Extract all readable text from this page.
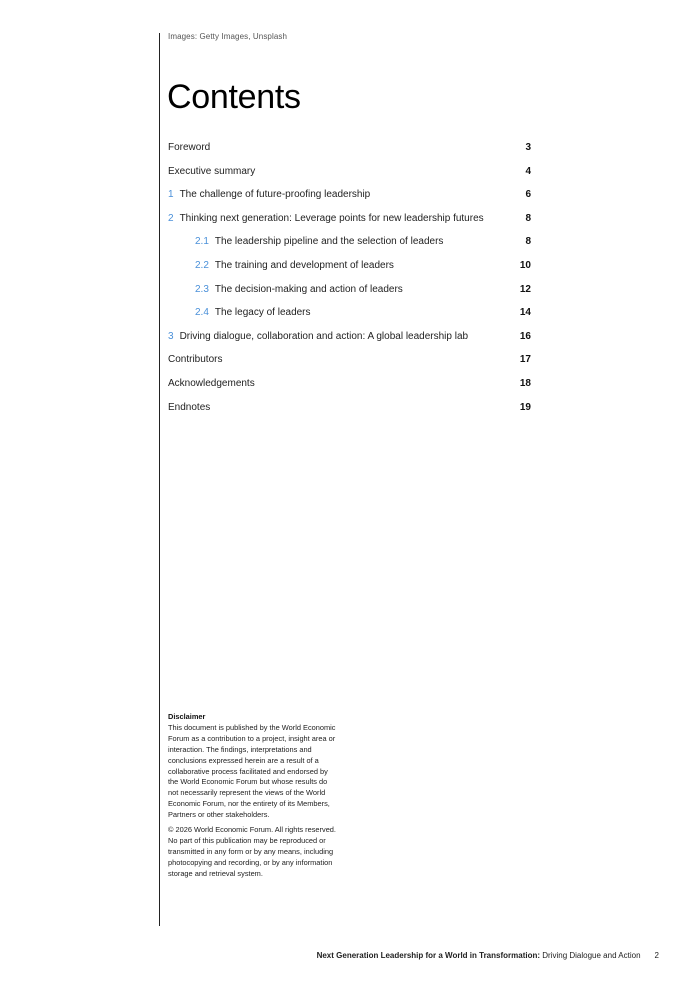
Images: Getty Images, Unsplash
Contents
Foreword	3
Executive summary	4
1 The challenge of future-proofing leadership	6
2 Thinking next generation: Leverage points for new leadership futures	8
2.1 The leadership pipeline and the selection of leaders	8
2.2 The training and development of leaders	10
2.3 The decision-making and action of leaders	12
2.4 The legacy of leaders	14
3 Driving dialogue, collaboration and action: A global leadership lab	16
Contributors	17
Acknowledgements	18
Endnotes	19
Disclaimer

This document is published by the World Economic Forum as a contribution to a project, insight area or interaction. The findings, interpretations and conclusions expressed herein are a result of a collaborative process facilitated and endorsed by the World Economic Forum but whose results do not necessarily represent the views of the World Economic Forum, nor the entirety of its Members, Partners or other stakeholders.

© 2026 World Economic Forum. All rights reserved. No part of this publication may be reproduced or transmitted in any form or by any means, including photocopying and recording, or by any information storage and retrieval system.

Next Generation Leadership for a World in Transformation: Driving Dialogue and Action 2
